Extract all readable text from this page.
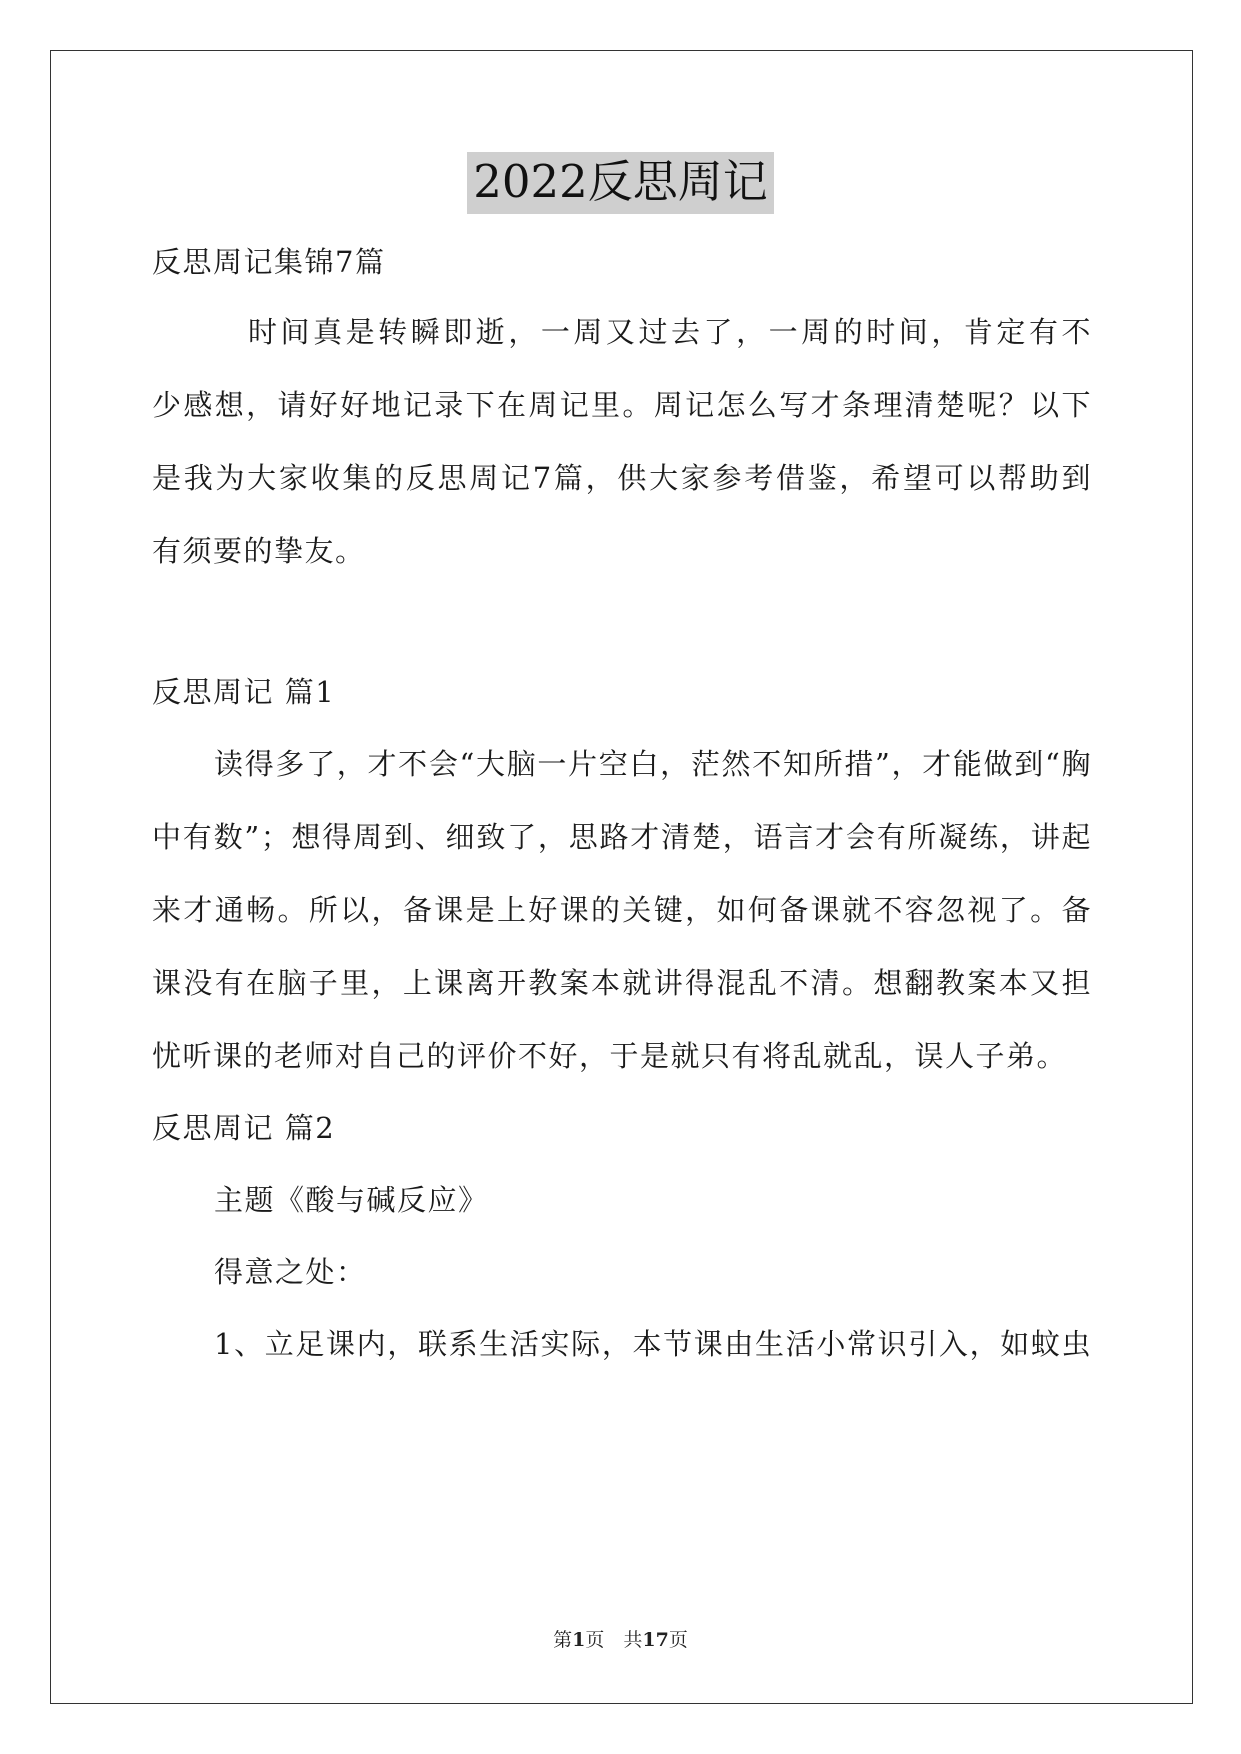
2022反思周记
反思周记集锦7篇
时间真是转瞬即逝，一周又过去了，一周的时间，肯定有不
少感想，请好好地记录下在周记里。周记怎么写才条理清楚呢？以下
是我为大家收集的反思周记7篇，供大家参考借鉴，希望可以帮助到
有须要的挚友。
反思周记 篇1
读得多了，才不会“大脑一片空白，茫然不知所措”，才能做到“胸
中有数”；想得周到、细致了，思路才清楚，语言才会有所凝练，讲起
来才通畅。所以，备课是上好课的关键，如何备课就不容忽视了。备
课没有在脑子里，上课离开教案本就讲得混乱不清。想翻教案本又担
忧听课的老师对自己的评价不好，于是就只有将乱就乱，误人子弟。
反思周记 篇2
主题《酸与碱反应》
得意之处：
1、立足课内，联系生活实际，本节课由生活小常识引入，如蚊虫
第1页　共17页
